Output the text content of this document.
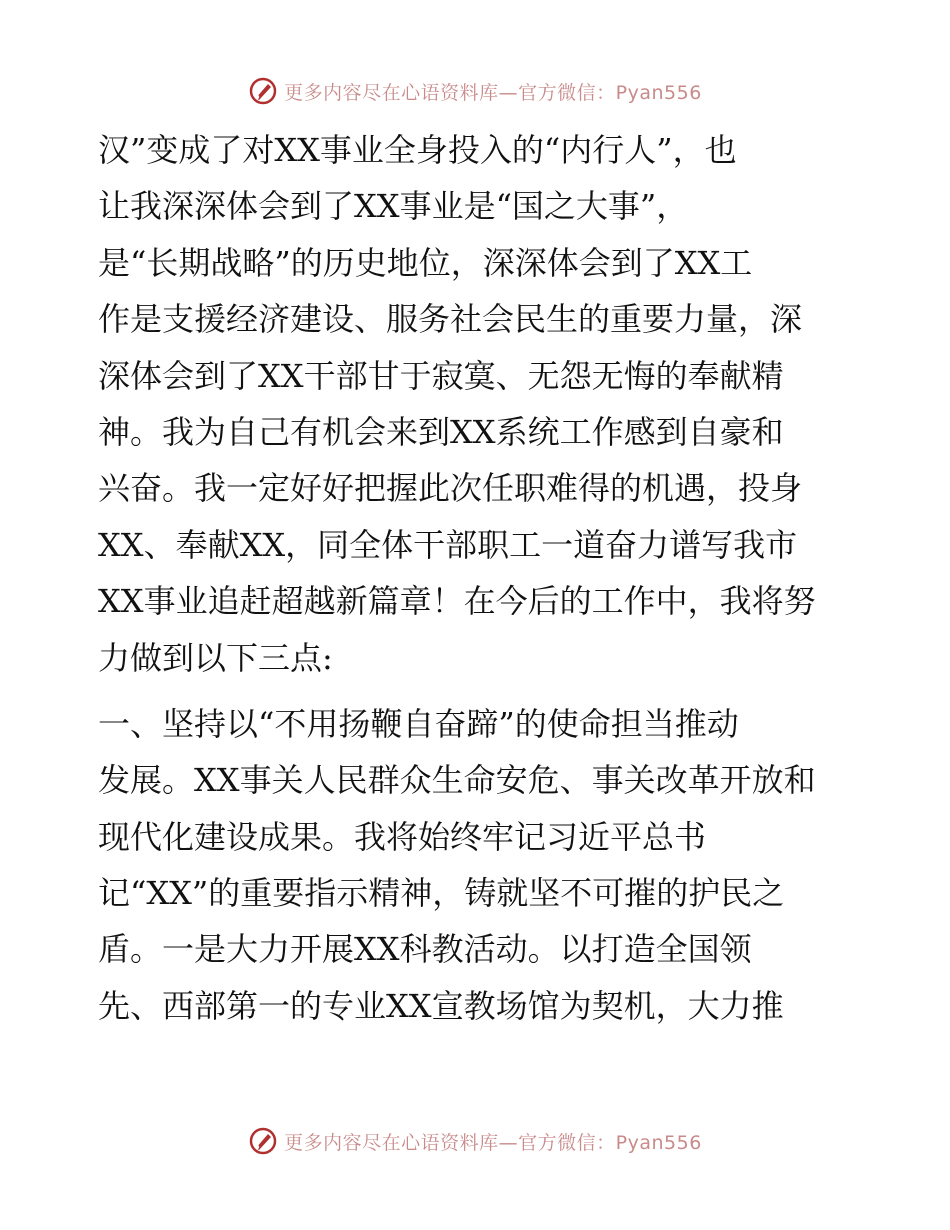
更多内容尽在心语资料库—官方微信：Pyan556
汉”变成了对XX事业全身投入的“内行人”，也
让我深深体会到了XX事业是“国之大事”，
是“长期战略”的历史地位，深深体会到了XX工
作是支援经济建设、服务社会民生的重要力量，深
深体会到了XX干部甘于寂寞、无怨无悔的奉献精
神。我为自己有机会来到XX系统工作感到自豪和
兴奋。我一定好好把握此次任职难得的机遇，投身
XX、奉献XX，同全体干部职工一道奋力谱写我市
XX事业追赶超越新篇章！在今后的工作中，我将努
力做到以下三点:
一、坚持以“不用扬鞭自奋蹄”的使命担当推动
发展。XX事关人民群众生命安危、事关改革开放和
现代化建设成果。我将始终牢记习近平总书
记“XX”的重要指示精神，铸就坚不可摧的护民之
盾。一是大力开展XX科教活动。以打造全国领
先、西部第一的专业XX宣教场馆为契机，大力推
更多内容尽在心语资料库—官方微信：Pyan556
